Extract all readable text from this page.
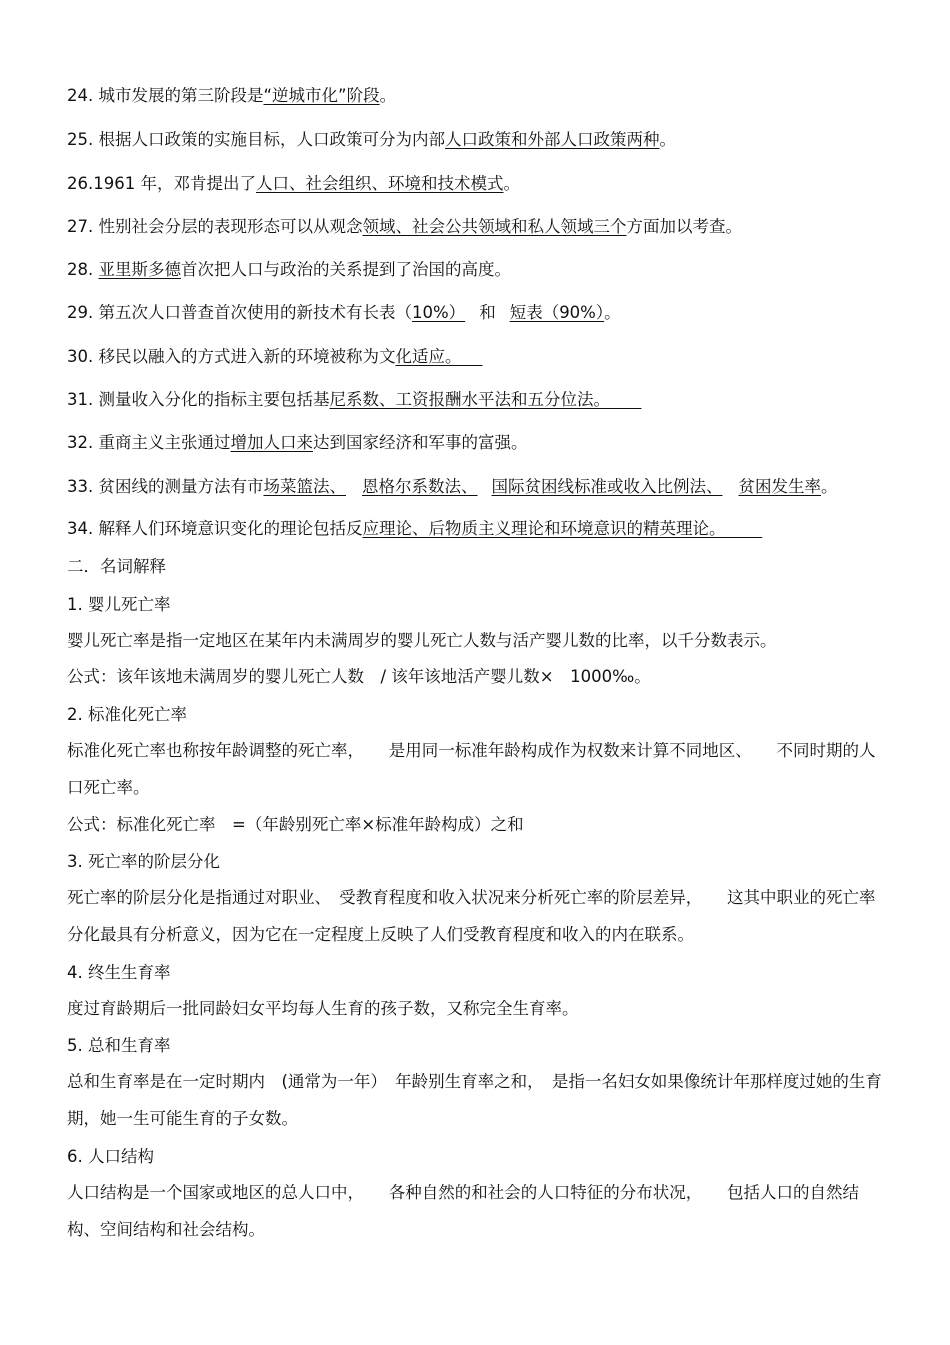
24. 城市发展的第三阶段是“逆城市化”阶段。
25. 根据人口政策的实施目标，人口政策可分为内部人口政策和外部人口政策两种。
26.1961 年，邓肯提出了人口、社会组织、环境和技术模式。
27. 性别社会分层的表现形态可以从观念领域、社会公共领域和私人领域三个方面加以考查。
28. 亚里斯多德首次把人口与政治的关系提到了治国的高度。
29. 第五次人口普查首次使用的新技术有长表（10%） 和 短表（90%）。
30. 移民以融入的方式进入新的环境被称为文化适应。
31. 测量收入分化的指标主要包括基尼系数、工资报酬水平法和五分位法。
32. 重商主义主张通过增加人口来达到国家经济和军事的富强。
33. 贫困线的测量方法有市场菜篮法、 恩格尔系数法、 国际贫困线标准或收入比例法、 贫困发生率。
34. 解释人们环境意识变化的理论包括反应理论、后物质主义理论和环境意识的精英理论。
二．名词解释
1. 婴儿死亡率
婴儿死亡率是指一定地区在某年内未满周岁的婴儿死亡人数与活产婴儿数的比率，以千分数表示。
公式：该年该地未满周岁的婴儿死亡人数　/ 该年该地活产婴儿数×　1000‰。
2. 标准化死亡率
标准化死亡率也称按年龄调整的死亡率，　　是用同一标准年龄构成作为权数来计算不同地区、　　不同时期的人口死亡率。
公式：标准化死亡率　=（年龄别死亡率×标准年龄构成）之和
3. 死亡率的阶层分化
死亡率的阶层分化是指通过对职业、　受教育程度和收入状况来分析死亡率的阶层差异，　　这其中职业的死亡率分化最具有分析意义，因为它在一定程度上反映了人们受教育程度和收入的内在联系。
4. 终生生育率
度过育龄期后一批同龄妇女平均每人生育的孩子数，又称完全生育率。
5. 总和生育率
总和生育率是在一定时期内　(通常为一年）　年龄别生育率之和，　是指一名妇女如果像统计年那样度过她的生育期，她一生可能生育的子女数。
6. 人口结构
人口结构是一个国家或地区的总人口中，　　各种自然的和社会的人口特征的分布状况，　　包括人口的自然结构、空间结构和社会结构。
